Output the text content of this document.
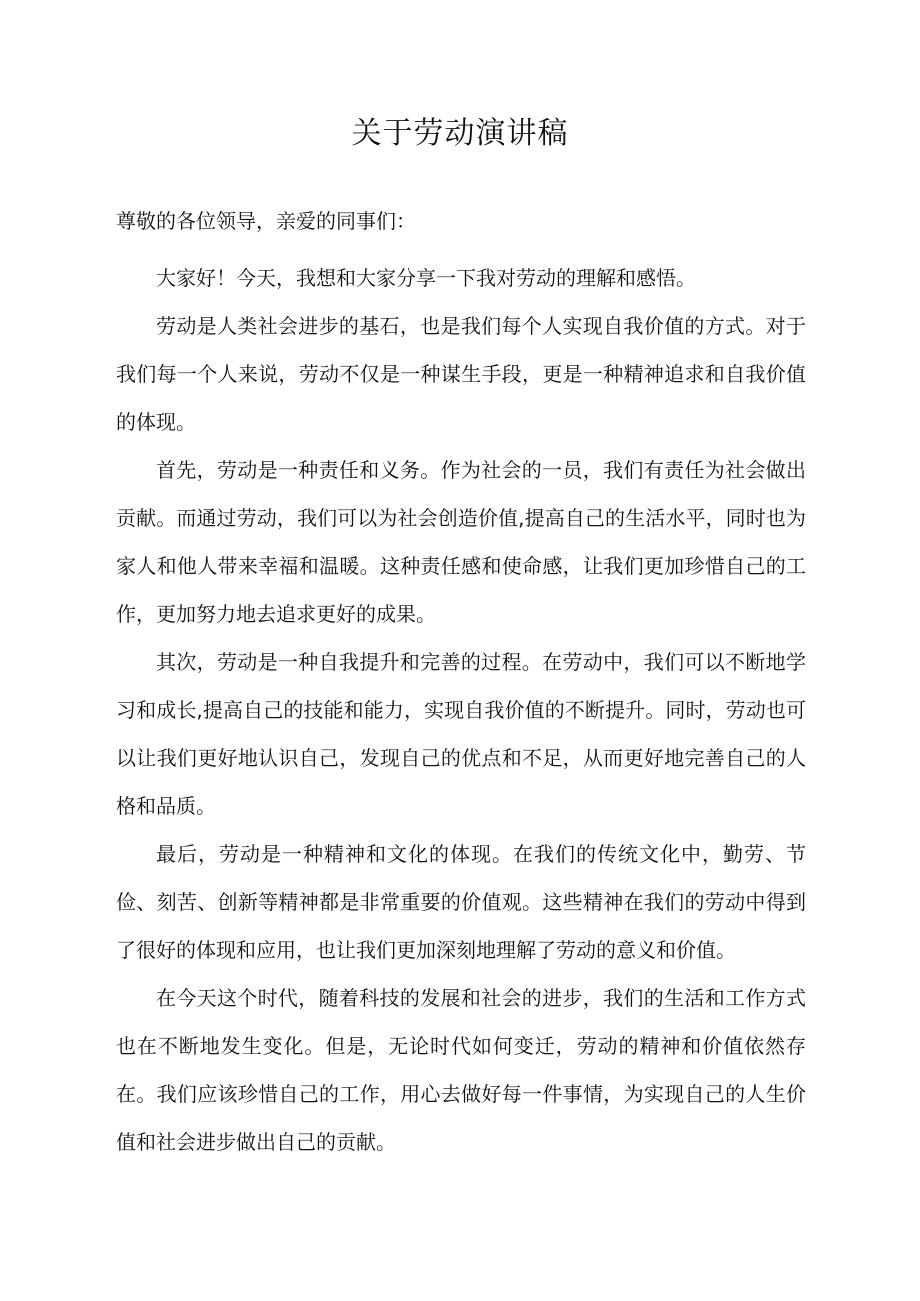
关于劳动演讲稿

尊敬的各位领导，亲爱的同事们：

大家好！今天，我想和大家分享一下我对劳动的理解和感悟。

劳动是人类社会进步的基石，也是我们每个人实现自我价值的方式。对于我们每一个人来说，劳动不仅是一种谋生手段，更是一种精神追求和自我价值的体现。

首先，劳动是一种责任和义务。作为社会的一员，我们有责任为社会做出贡献。而通过劳动，我们可以为社会创造价值,提高自己的生活水平，同时也为家人和他人带来幸福和温暖。这种责任感和使命感，让我们更加珍惜自己的工作，更加努力地去追求更好的成果。

其次，劳动是一种自我提升和完善的过程。在劳动中，我们可以不断地学习和成长,提高自己的技能和能力，实现自我价值的不断提升。同时，劳动也可以让我们更好地认识自己，发现自己的优点和不足，从而更好地完善自己的人格和品质。

最后，劳动是一种精神和文化的体现。在我们的传统文化中，勤劳、节俭、刻苦、创新等精神都是非常重要的价值观。这些精神在我们的劳动中得到了很好的体现和应用，也让我们更加深刻地理解了劳动的意义和价值。

在今天这个时代，随着科技的发展和社会的进步，我们的生活和工作方式也在不断地发生变化。但是，无论时代如何变迁，劳动的精神和价值依然存在。我们应该珍惜自己的工作，用心去做好每一件事情，为实现自己的人生价值和社会进步做出自己的贡献。
